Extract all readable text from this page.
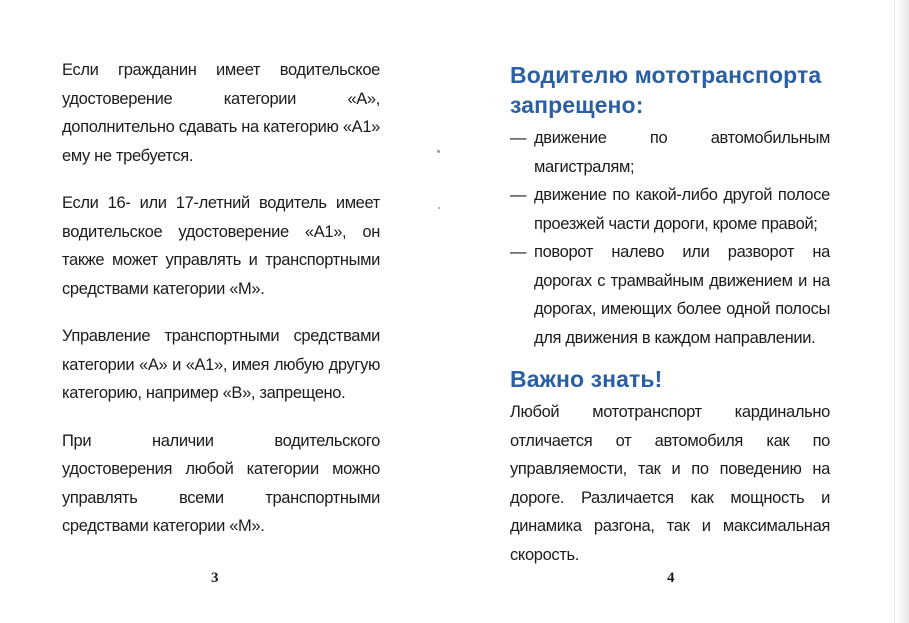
Если гражданин имеет водительское удостоверение категории «А», дополнительно сдавать на категорию «А1» ему не требуется.

Если 16- или 17-летний водитель имеет водительское удостоверение «А1», он также может управлять и транспортными средствами категории «М».

Управление транспортными средствами категории «А» и «А1», имея любую другую категорию, например «В», запрещено.

При наличии водительского удостоверения любой категории можно управлять всеми транспортными средствами категории «М».

3
Водителю мототранспорта запрещено:
— движение по автомобильным магистралям;
— движение по какой-либо другой полосе проезжей части дороги, кроме правой;
— поворот налево или разворот на дорогах с трамвайным движением и на дорогах, имеющих более одной полосы для движения в каждом направлении.
Важно знать!

Любой мототранспорт кардинально отличается от автомобиля как по управляемости, так и по поведению на дороге. Различается как мощность и динамика разгона, так и максимальная скорость.

4
